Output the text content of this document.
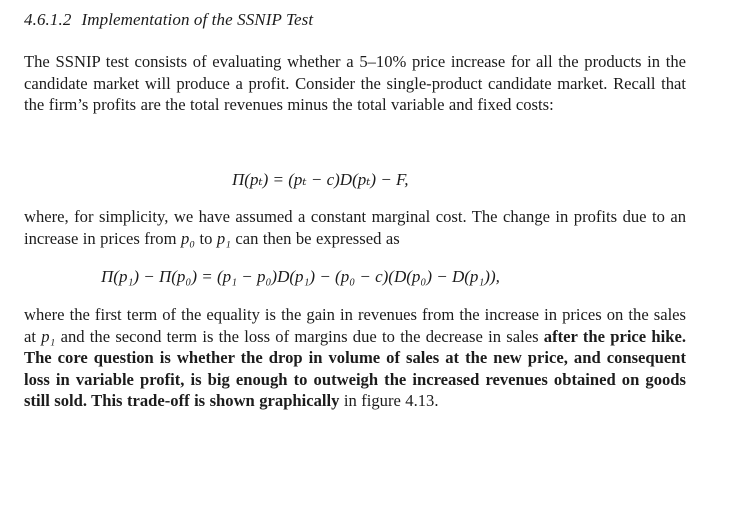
4.6.1.2 Implementation of the SSNIP Test
The SSNIP test consists of evaluating whether a 5–10% price increase for all the products in the candidate market will produce a profit. Consider the single-product candidate market. Recall that the firm’s profits are the total revenues minus the total variable and fixed costs:
Π(pₜ) = (pₜ − c)D(pₜ) − F,
where, for simplicity, we have assumed a constant marginal cost. The change in profits due to an increase in prices from p₀ to p₁ can then be expressed as
Π(p₁) − Π(p₀) = (p₁ − p₀)D(p₁) − (p₀ − c)(D(p₀) − D(p₁)),
where the first term of the equality is the gain in revenues from the increase in prices on the sales at p₁ and the second term is the loss of margins due to the decrease in sales after the price hike. The core question is whether the drop in volume of sales at the new price, and consequent loss in variable profit, is big enough to outweigh the increased revenues obtained on goods still sold. This trade-off is shown graphically in figure 4.13.
